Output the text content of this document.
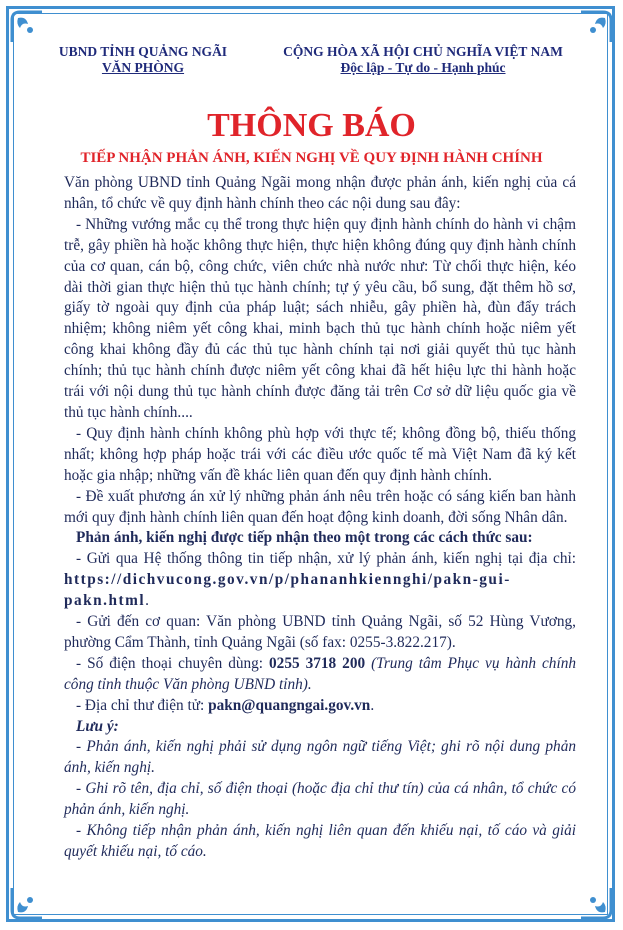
UBND TỈNH QUẢNG NGÃI
VĂN PHÒNG
CỘNG HÒA XÃ HỘI CHỦ NGHĨA VIỆT NAM
Độc lập - Tự do - Hạnh phúc
THÔNG BÁO
TIẾP NHẬN PHẢN ÁNH, KIẾN NGHỊ VỀ QUY ĐỊNH HÀNH CHÍNH

Văn phòng UBND tỉnh Quảng Ngãi mong nhận được phản ánh, kiến nghị của cá nhân, tổ chức về quy định hành chính theo các nội dung sau đây:

- Những vướng mắc cụ thể trong thực hiện quy định hành chính do hành vi chậm trễ, gây phiền hà hoặc không thực hiện, thực hiện không đúng quy định hành chính của cơ quan, cán bộ, công chức, viên chức nhà nước như: Từ chối thực hiện, kéo dài thời gian thực hiện thủ tục hành chính; tự ý yêu cầu, bổ sung, đặt thêm hồ sơ, giấy tờ ngoài quy định của pháp luật; sách nhiễu, gây phiền hà, đùn đẩy trách nhiệm; không niêm yết công khai, minh bạch thủ tục hành chính hoặc niêm yết công khai không đầy đủ các thủ tục hành chính tại nơi giải quyết thủ tục hành chính; thủ tục hành chính được niêm yết công khai đã hết hiệu lực thi hành hoặc trái với nội dung thủ tục hành chính được đăng tải trên Cơ sở dữ liệu quốc gia về thủ tục hành chính....

- Quy định hành chính không phù hợp với thực tế; không đồng bộ, thiếu thống nhất; không hợp pháp hoặc trái với các điều ước quốc tế mà Việt Nam đã ký kết hoặc gia nhập; những vấn đề khác liên quan đến quy định hành chính.

- Đề xuất phương án xử lý những phản ánh nêu trên hoặc có sáng kiến ban hành mới quy định hành chính liên quan đến hoạt động kinh doanh, đời sống Nhân dân.

Phản ánh, kiến nghị được tiếp nhận theo một trong các cách thức sau:

- Gửi qua Hệ thống thông tin tiếp nhận, xử lý phản ánh, kiến nghị tại địa chỉ: https://dichvucong.gov.vn/p/phananhkiennghi/pakn-gui-pakn.html.

- Gửi đến cơ quan: Văn phòng UBND tỉnh Quảng Ngãi, số 52 Hùng Vương, phường Cẩm Thành, tỉnh Quảng Ngãi (số fax: 0255-3.822.217).

- Số điện thoại chuyên dùng: 0255 3718 200 (Trung tâm Phục vụ hành chính công tỉnh thuộc Văn phòng UBND tỉnh).

- Địa chỉ thư điện tử: pakn@quangngai.gov.vn.

Lưu ý:

- Phản ánh, kiến nghị phải sử dụng ngôn ngữ tiếng Việt; ghi rõ nội dung phản ánh, kiến nghị.

- Ghi rõ tên, địa chỉ, số điện thoại (hoặc địa chỉ thư tín) của cá nhân, tổ chức có phản ánh, kiến nghị.

- Không tiếp nhận phản ánh, kiến nghị liên quan đến khiếu nại, tố cáo và giải quyết khiếu nại, tố cáo.
